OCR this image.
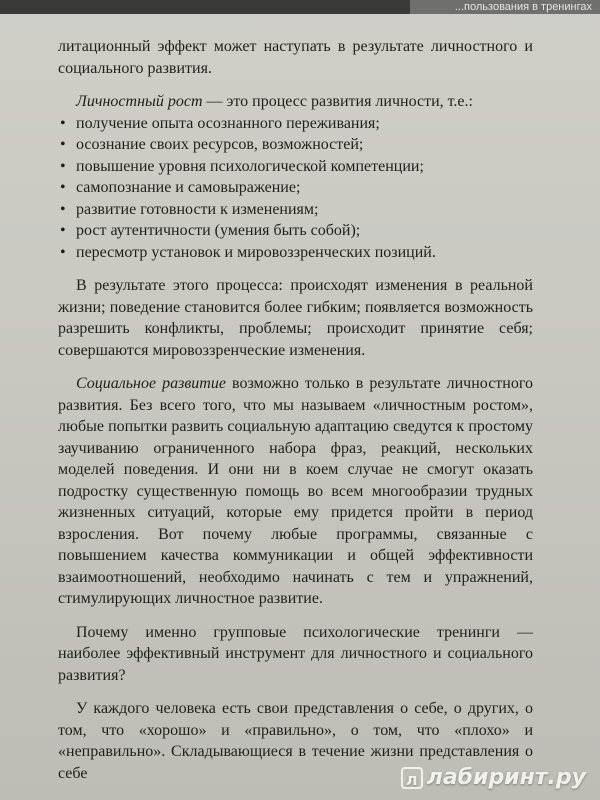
...пользования в тренингах

литационный эффект может наступать в результате личностного и социального развития.

Личностный рост — это процесс развития личности, т.е.:

• получение опыта осознанного переживания;
• осознание своих ресурсов, возможностей;
• повышение уровня психологической компетенции;
• самопознание и самовыражение;
• развитие готовности к изменениям;
• рост аутентичности (умения быть собой);
• пересмотр установок и мировоззренческих позиций.

В результате этого процесса: происходят изменения в реальной жизни; поведение становится более гибким; появляется возможность разрешить конфликты, проблемы; происходит принятие себя; совершаются мировоззренческие изменения.

Социальное развитие возможно только в результате личностного развития. Без всего того, что мы называем «личностным ростом», любые попытки развить социальную адаптацию сведутся к простому заучиванию ограниченного набора фраз, реакций, нескольких моделей поведения. И они ни в коем случае не смогут оказать подростку существенную помощь во всем многообразии трудных жизненных ситуаций, которые ему придется пройти в период взросления. Вот почему любые программы, связанные с повышением качества коммуникации и общей эффективности взаимоотношений, необходимо начинать с тем и упражнений, стимулирующих личностное развитие.

Почему именно групповые психологические тренинги — наиболее эффективный инструмент для личностного и социального развития?

У каждого человека есть свои представления о себе, о других, о том, что «хорошо» и «правильно», о том, что «плохо» и «неправильно». Складывающиеся в течение жизни представления о себе	л лабиринт.ру
